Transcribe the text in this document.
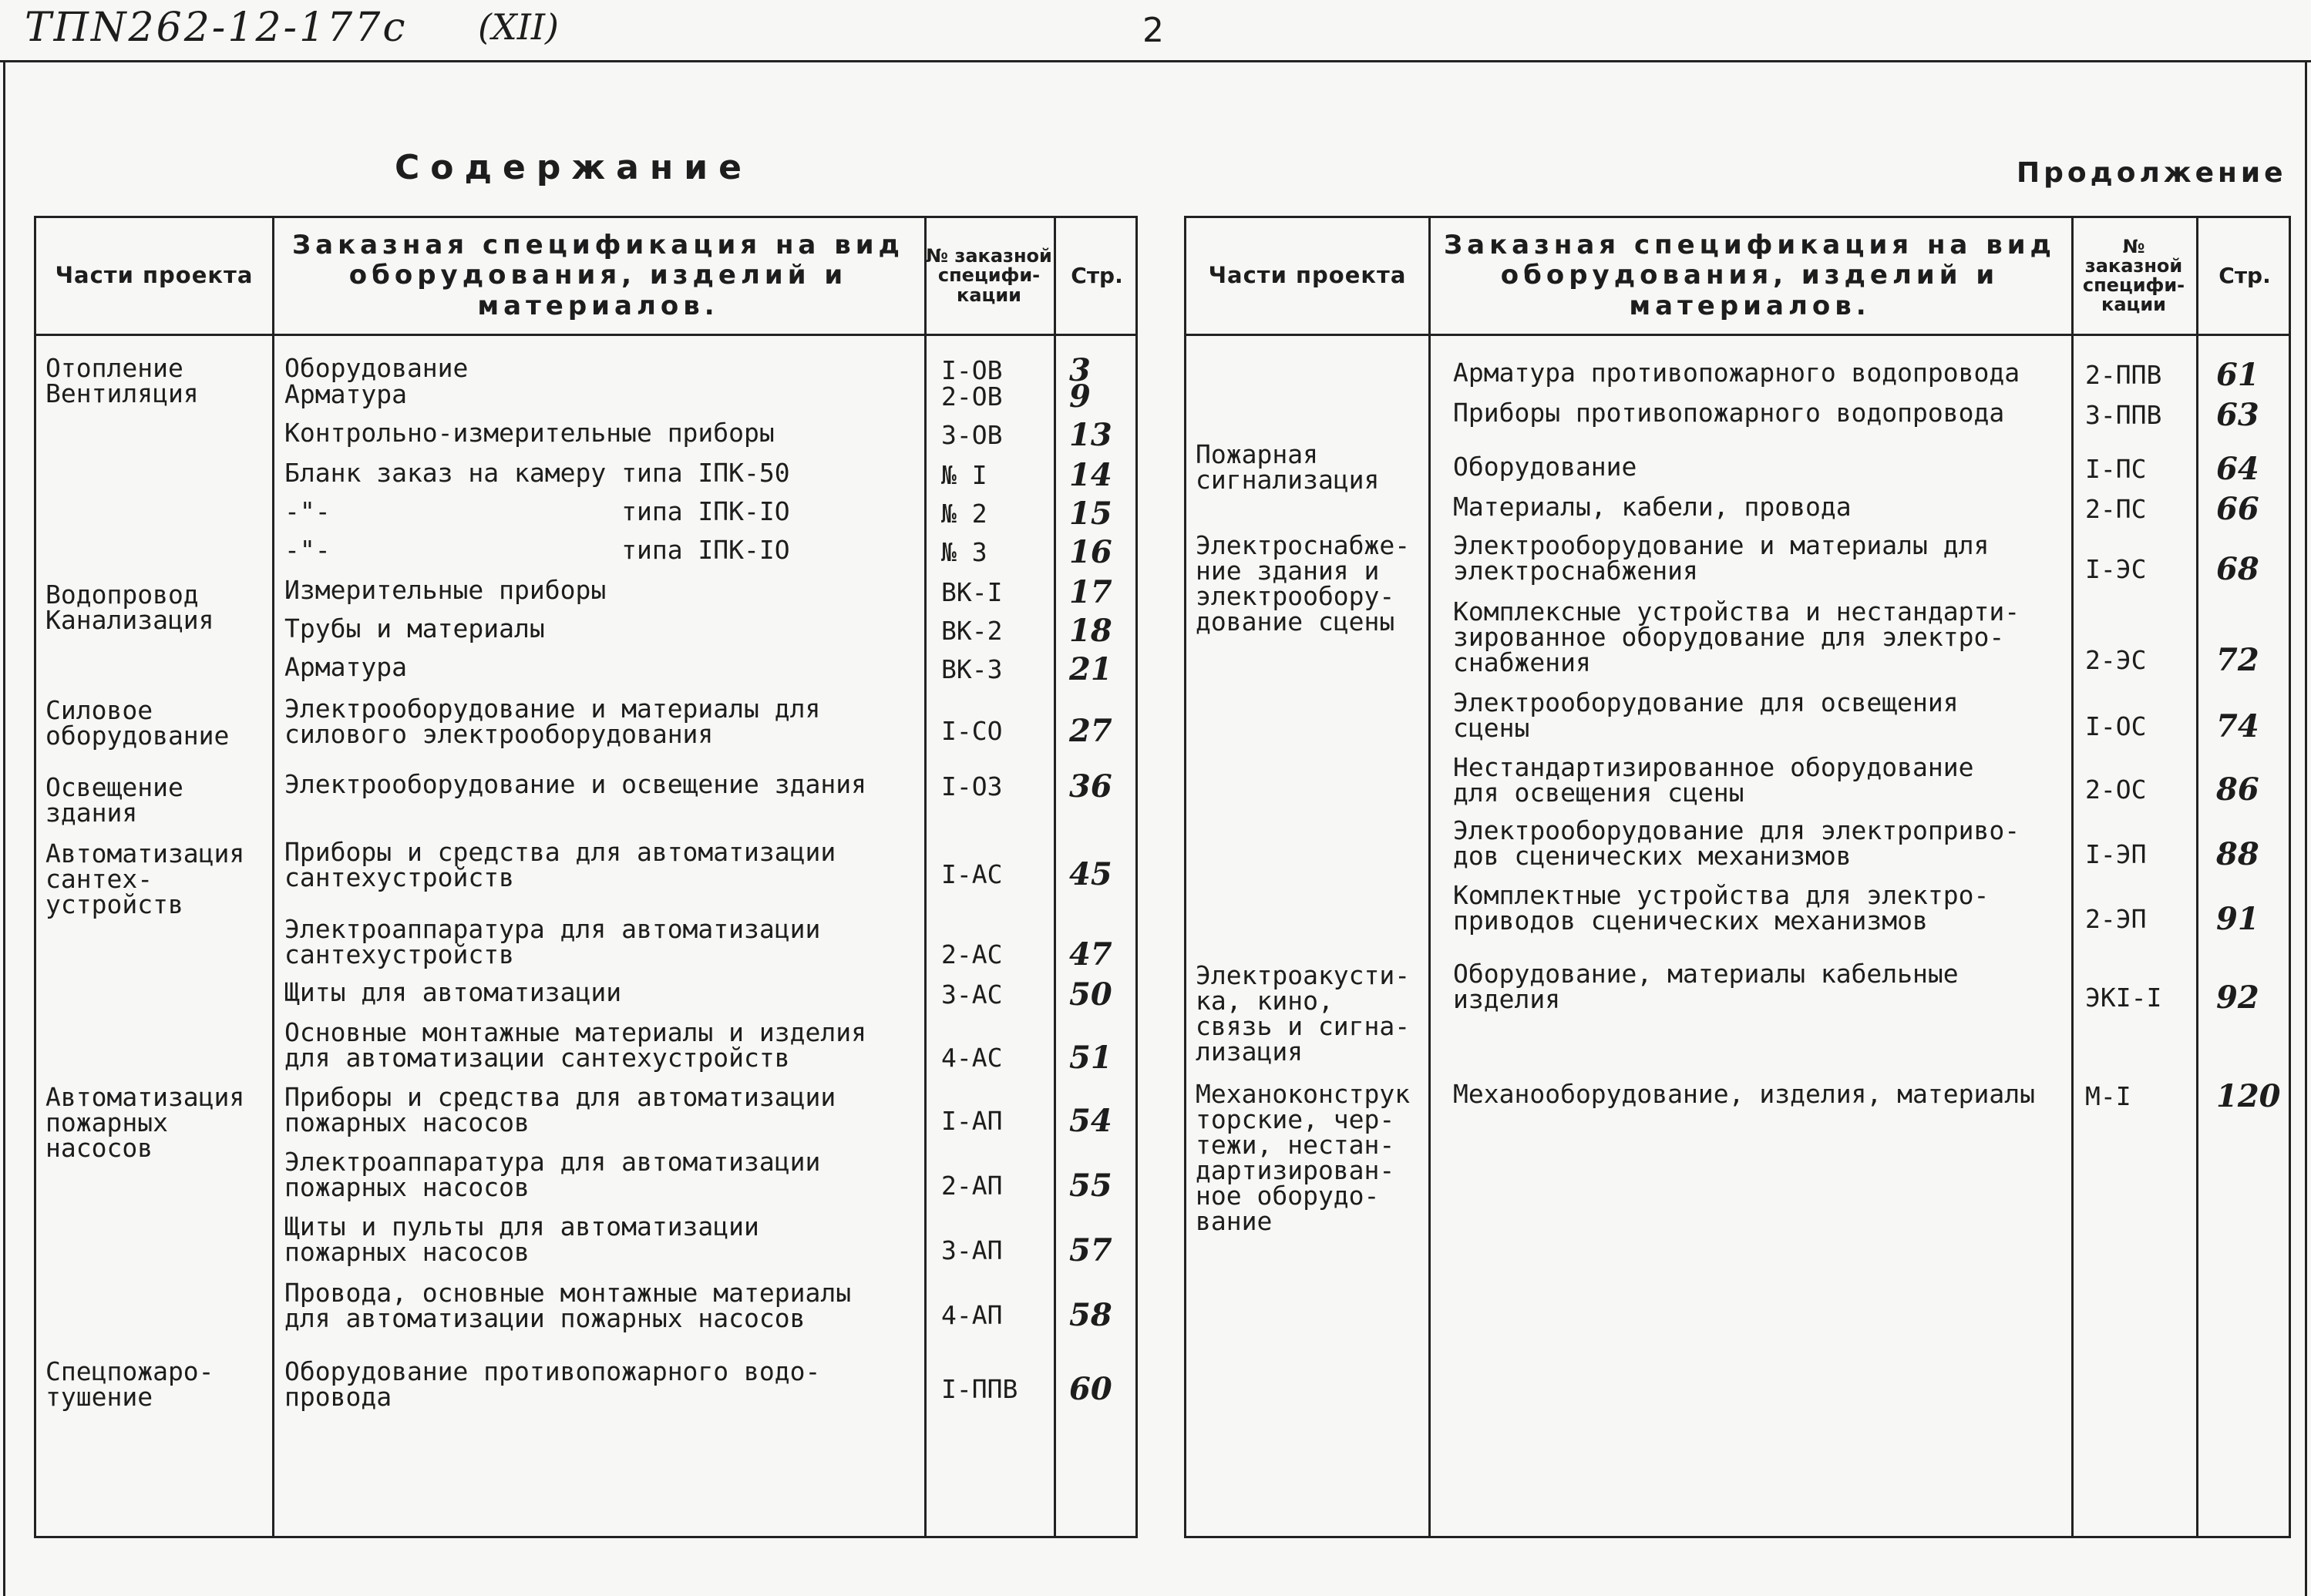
ТПN262-12-177с (XII)	2
Содержание	Продолжение
Части проекта
Заказная спецификация на вид оборудования, изделий и материалов.
№ заказной специфи-кации
Стр.
Отопление
Вентиляция
Водопровод
Канализация
Силовое
оборудование
Освещение
здания
Автоматизация
сантех-
устройств
Автоматизация
пожарных
насосов
Спецпожаро-
тушение
Оборудование
Арматура
Контрольно-измерительные приборы
Бланк заказ на камеру типа IПК-50
-"-                   типа IПК-IO
-"-                   типа IПК-IO
Измерительные приборы
Трубы и материалы
Арматура
Электрооборудование и материалы для
силового электрооборудования
Электрооборудование и освещение здания
Приборы и средства для автоматизации
сантехустройств
Электроаппаратура для автоматизации
сантехустройств
Щиты для автоматизации
Основные монтажные материалы и изделия
для автоматизации сантехустройств
Приборы и средства для автоматизации
пожарных насосов
Электроаппаратура для автоматизации
пожарных насосов
Щиты и пульты для автоматизации
пожарных насосов
Провода, основные монтажные материалы
для автоматизации пожарных насосов
Оборудование противопожарного водо-
провода
I-ОВ
2-ОВ
3-ОВ
№ I
№ 2
№ 3
ВК-I
ВК-2
ВК-3
I-СО
I-ОЗ
I-АС
2-АС
3-АС
4-АС
I-АП
2-АП
3-АП
4-АП
I-ППВ
3
9
13
14
15
16
17
18
21
27
36
45
47
50
51
54
55
57
58
60
Части проекта
Заказная спецификация на вид оборудования, изделий и материалов.
№ заказной специфи-кации
Стр.
Пожарная
сигнализация
Электроснабже-
ние здания и
электрообору-
дование сцены
Электроакусти-
ка, кино,
связь и сигна-
лизация
Механоконструк
торские, чер-
тежи, нестан-
дартизирован-
ное оборудо-
вание
Арматура противопожарного водопровода
Приборы противопожарного водопровода
Оборудование
Материалы, кабели, провода
Электрооборудование и материалы для
электроснабжения
Комплексные устройства и нестандарти-
зированное оборудование для электро-
снабжения
Электрооборудование для освещения
сцены
Нестандартизированное оборудование
для освещения сцены
Электрооборудование для электроприво-
дов сценических механизмов
Комплектные устройства для электро-
приводов сценических механизмов
Оборудование, материалы кабельные
изделия
Механооборудование, изделия, материалы
2-ППВ
3-ППВ
I-ПС
2-ПС
I-ЭС
2-ЭС
I-ОС
2-ОС
I-ЭП
2-ЭП
ЭКI-I
М-I
61
63
64
66
68
72
74
86
88
91
92
120
